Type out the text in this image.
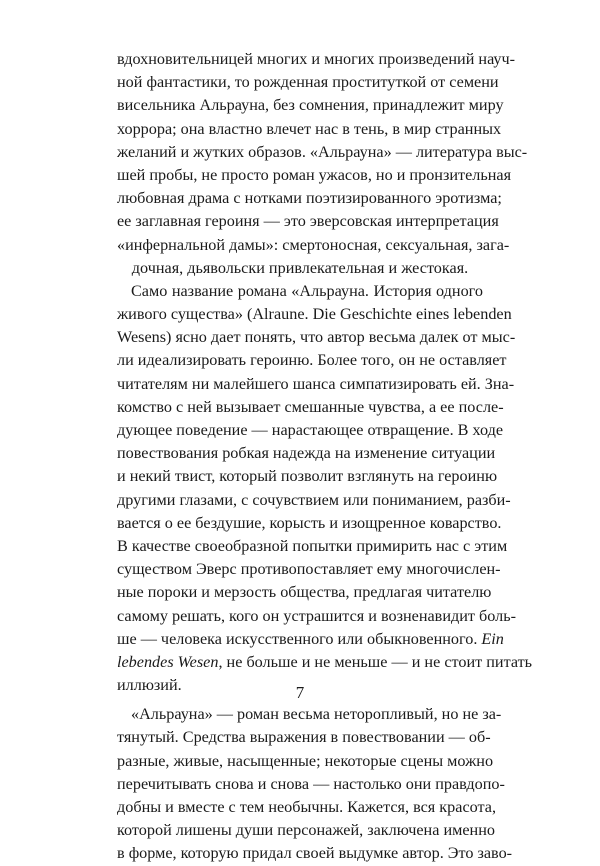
вдохновительницей многих и многих произведений науч-
ной фантастики, то рожденная проституткой от семени
висельника Альрауна, без сомнения, принадлежит миру
хоррора; она властно влечет нас в тень, в мир странных
желаний и жутких образов. «Альрауна» — литература выс-
шей пробы, не просто роман ужасов, но и пронзительная
любовная драма с нотками поэтизированного эротизма;
ее заглавная героиня — это эверсовская интерпретация
«инфернальной дамы»: смертоносная, сексуальная, зага-
дочная, дьявольски привлекательная и жестокая.
Само название романа «Альрауна. История одного
живого существа» (Alraune. Die Geschichte eines lebenden
Wesens) ясно дает понять, что автор весьма далек от мыс-
ли идеализировать героиню. Более того, он не оставляет
читателям ни малейшего шанса симпатизировать ей. Зна-
комство с ней вызывает смешанные чувства, а ее после-
дующее поведение — нарастающее отвращение. В ходе
повествования робкая надежда на изменение ситуации
и некий твист, который позволит взглянуть на героиню
другими глазами, с сочувствием или пониманием, разби-
вается о ее бездушие, корысть и изощренное коварство.
В качестве своеобразной попытки примирить нас с этим
существом Эверс противопоставляет ему многочислен-
ные пороки и мерзость общества, предлагая читателю
самому решать, кого он устрашится и возненавидит боль-
ше — человека искусственного или обыкновенного. Ein
lebendes Wesen, не больше и не меньше — и не стоит питать
иллюзий.
«Альрауна» — роман весьма неторопливый, но не за-
тянутый. Средства выражения в повествовании — об-
разные, живые, насыщенные; некоторые сцены можно
перечитывать снова и снова — настолько они правдопо-
добны и вместе с тем необычны. Кажется, вся красота,
которой лишены души персонажей, заключена именно
в форме, которую придал своей выдумке автор. Это заво-
7
